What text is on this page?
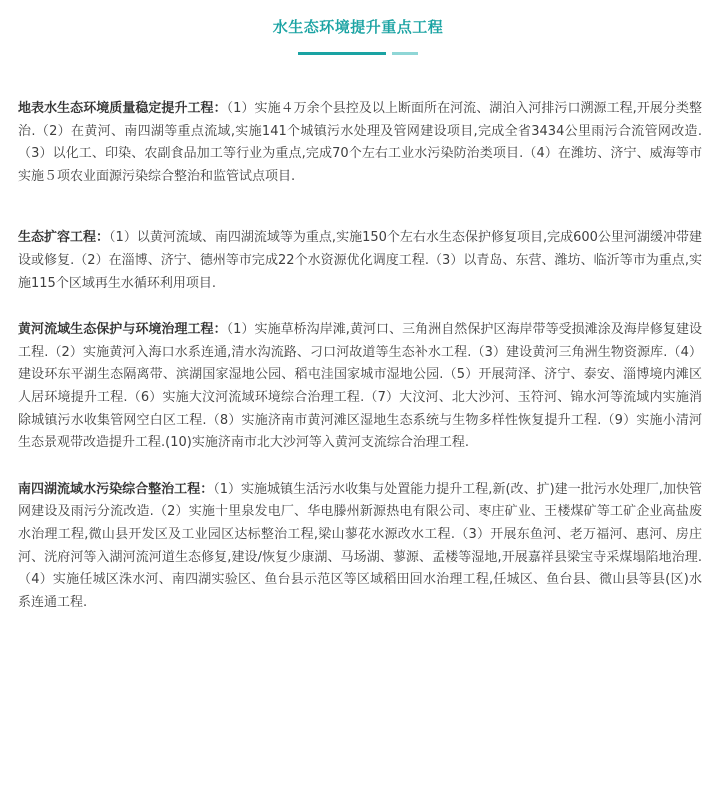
水生态环境提升重点工程

地表水生态环境质量稳定提升工程：（1）实施４万余个县控及以上断面所在河流、湖泊入河排污口溯源工程,开展分类整治.（2）在黄河、南四湖等重点流域,实施141个城镇污水处理及管网建设项目,完成全省3434公里雨污合流管网改造.（3）以化工、印染、农副食品加工等行业为重点,完成70个左右工业水污染防治类项目.（4）在潍坊、济宁、威海等市实施５项农业面源污染综合整治和监管试点项目.

生态扩容工程：（1）以黄河流域、南四湖流域等为重点,实施150个左右水生态保护修复项目,完成600公里河湖缓冲带建设或修复.（2）在淄博、济宁、德州等市完成22个水资源优化调度工程.（3）以青岛、东营、潍坊、临沂等市为重点,实施115个区域再生水循环利用项目.

黄河流域生态保护与环境治理工程：（1）实施草桥沟岸滩,黄河口、三角洲自然保护区海岸带等受损滩涂及海岸修复建设工程.（2）实施黄河入海口水系连通,清水沟流路、刁口河故道等生态补水工程.（3）建设黄河三角洲生物资源库.（4）建设环东平湖生态隔离带、滨湖国家湿地公园、稻屯洼国家城市湿地公园.（5）开展菏泽、济宁、泰安、淄博境内滩区人居环境提升工程.（6）实施大汶河流域环境综合治理工程.（7）大汶河、北大沙河、玉符河、锦水河等流域内实施消除城镇污水收集管网空白区工程.（8）实施济南市黄河滩区湿地生态系统与生物多样性恢复提升工程.（9）实施小清河生态景观带改造提升工程.(10)实施济南市北大沙河等入黄河支流综合治理工程.

南四湖流域水污染综合整治工程：（1）实施城镇生活污水收集与处置能力提升工程,新(改、扩)建一批污水处理厂,加快管网建设及雨污分流改造.（2）实施十里泉发电厂、华电滕州新源热电有限公司、枣庄矿业、王楼煤矿等工矿企业高盐废水治理工程,微山县开发区及工业园区达标整治工程,梁山蓼花水源改水工程.（3）开展东鱼河、老万福河、惠河、房庄河、洸府河等入湖河流河道生态修复,建设/恢复少康湖、马场湖、蓼源、孟楼等湿地,开展嘉祥县梁宝寺采煤塌陷地治理.（4）实施任城区洙水河、南四湖实验区、鱼台县示范区等区域稻田回水治理工程,任城区、鱼台县、微山县等县(区)水系连通工程.
